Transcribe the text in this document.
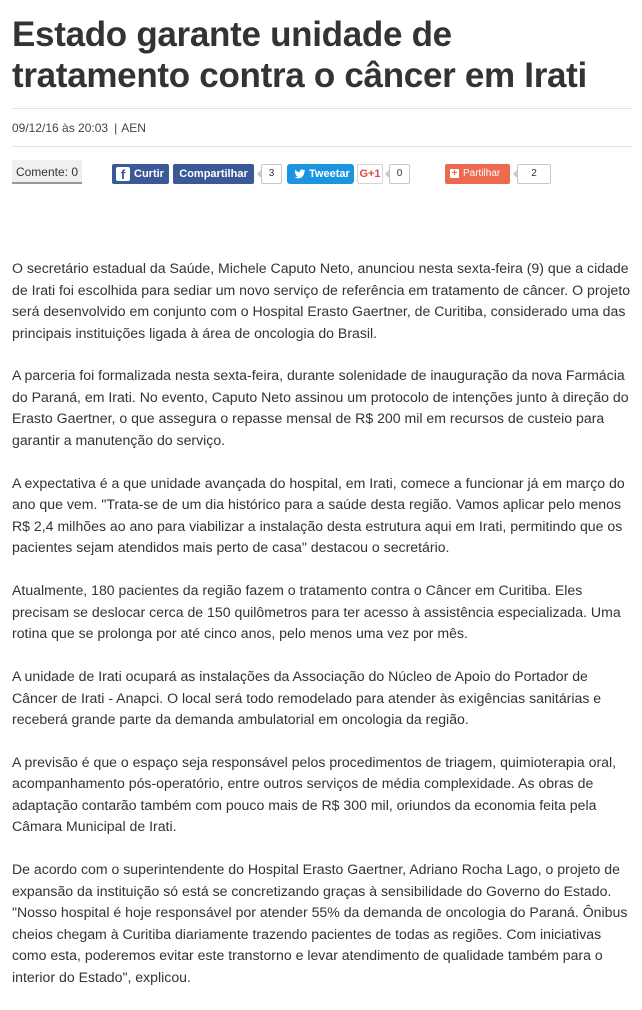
Estado garante unidade de tratamento contra o câncer em Irati
09/12/16 às 20:03 | AEN
Comente: 0	f Curtir	Compartilhar	3	Tweetar G+1	0	+ Partilhar	2

O secretário estadual da Saúde, Michele Caputo Neto, anunciou nesta sexta-feira (9) que a cidade de Irati foi escolhida para sediar um novo serviço de referência em tratamento de câncer. O projeto será desenvolvido em conjunto com o Hospital Erasto Gaertner, de Curitiba, considerado uma das principais instituições ligada à área de oncologia do Brasil.

A parceria foi formalizada nesta sexta-feira, durante solenidade de inauguração da nova Farmácia do Paraná, em Irati. No evento, Caputo Neto assinou um protocolo de intenções junto à direção do Erasto Gaertner, o que assegura o repasse mensal de R$ 200 mil em recursos de custeio para garantir a manutenção do serviço.

A expectativa é a que unidade avançada do hospital, em Irati, comece a funcionar já em março do ano que vem. "Trata-se de um dia histórico para a saúde desta região. Vamos aplicar pelo menos R$ 2,4 milhões ao ano para viabilizar a instalação desta estrutura aqui em Irati, permitindo que os pacientes sejam atendidos mais perto de casa" destacou o secretário.

Atualmente, 180 pacientes da região fazem o tratamento contra o Câncer em Curitiba. Eles precisam se deslocar cerca de 150 quilômetros para ter acesso à assistência especializada. Uma rotina que se prolonga por até cinco anos, pelo menos uma vez por mês.

A unidade de Irati ocupará as instalações da Associação do Núcleo de Apoio do Portador de Câncer de Irati - Anapci. O local será todo remodelado para atender às exigências sanitárias e receberá grande parte da demanda ambulatorial em oncologia da região.

A previsão é que o espaço seja responsável pelos procedimentos de triagem, quimioterapia oral, acompanhamento pós-operatório, entre outros serviços de média complexidade. As obras de adaptação contarão também com pouco mais de R$ 300 mil, oriundos da economia feita pela Câmara Municipal de Irati.

De acordo com o superintendente do Hospital Erasto Gaertner, Adriano Rocha Lago, o projeto de expansão da instituição só está se concretizando graças à sensibilidade do Governo do Estado. "Nosso hospital é hoje responsável por atender 55% da demanda de oncologia do Paraná. Ônibus cheios chegam à Curitiba diariamente trazendo pacientes de todas as regiões. Com iniciativas como esta, poderemos evitar este transtorno e levar atendimento de qualidade também para o interior do Estado", explicou.
